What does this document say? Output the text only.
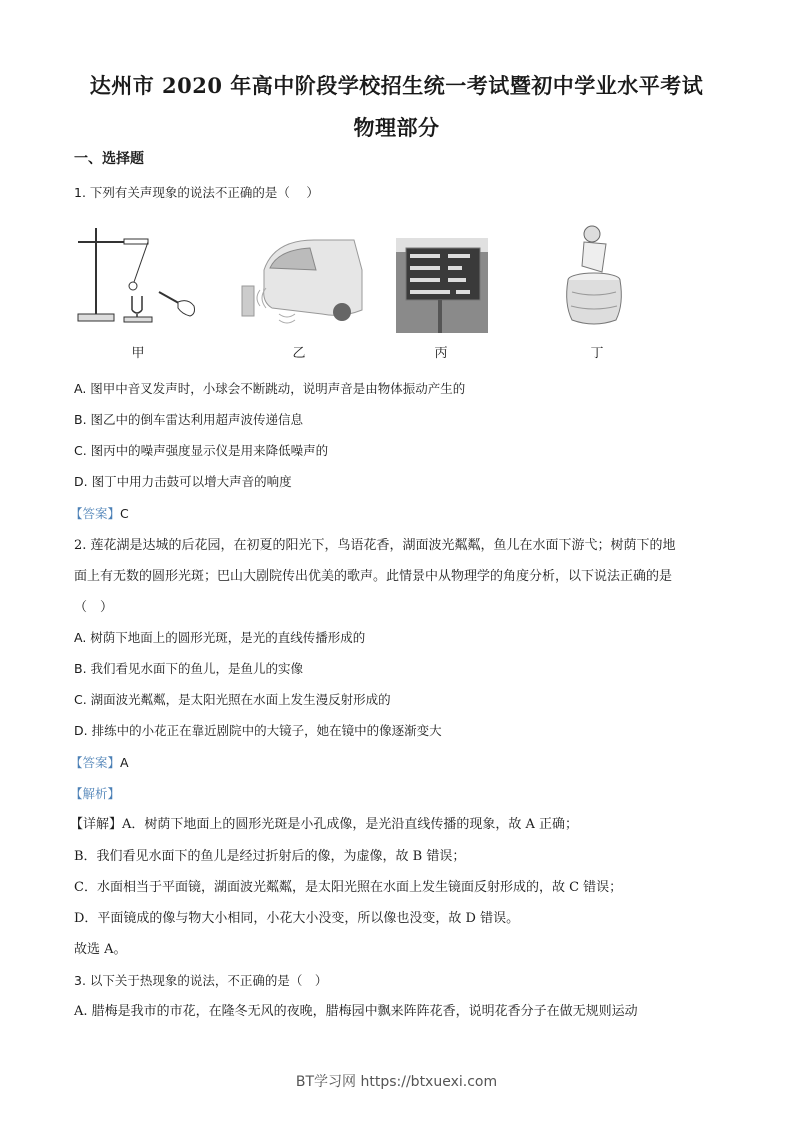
达州市 2020 年高中阶段学校招生统一考试暨初中学业水平考试
物理部分
一、选择题
1. 下列有关声现象的说法不正确的是（　 ）
甲	乙	丙	丁
A. 图甲中音叉发声时，小球会不断跳动，说明声音是由物体振动产生的
B. 图乙中的倒车雷达利用超声波传递信息
C. 图丙中的噪声强度显示仪是用来降低噪声的
D. 图丁中用力击鼓可以增大声音的响度
【答案】C
2. 莲花湖是达城的后花园，在初夏的阳光下，鸟语花香，湖面波光粼粼，鱼儿在水面下游弋；树荫下的地
面上有无数的圆形光斑；巴山大剧院传出优美的歌声。此情景中从物理学的角度分析，以下说法正确的是
（　）
A. 树荫下地面上的圆形光斑，是光的直线传播形成的
B. 我们看见水面下的鱼儿，是鱼儿的实像
C. 湖面波光粼粼，是太阳光照在水面上发生漫反射形成的
D. 排练中的小花正在靠近剧院中的大镜子，她在镜中的像逐渐变大
【答案】A
【解析】
【详解】A．树荫下地面上的圆形光斑是小孔成像，是光沿直线传播的现象，故 A 正确；
B．我们看见水面下的鱼儿是经过折射后的像，为虚像，故 B 错误；
C．水面相当于平面镜，湖面波光粼粼，是太阳光照在水面上发生镜面反射形成的，故 C 错误；
D．平面镜成的像与物大小相同，小花大小没变，所以像也没变，故 D 错误。
故选 A。
3. 以下关于热现象的说法，不正确的是（　）
A. 腊梅是我市的市花，在隆冬无风的夜晚，腊梅园中飘来阵阵花香，说明花香分子在做无规则运动
BT学习网 https://btxuexi.com
